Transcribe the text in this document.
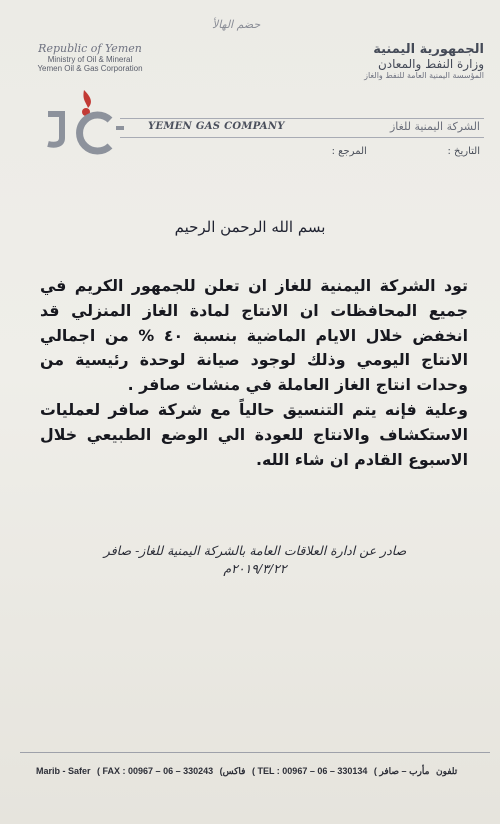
حضم الهالأ
Republic of Yemen
Ministry of Oil & Mineral
Yemen Oil & Gas Corporation
الجمهورية اليمنية
وزارة النفط والمعادن
المؤسسة اليمنية العامة للنفط والغاز
YEMEN GAS COMPANY	الشركة اليمنية للغاز
التاريخ : المرجع :
بسم الله الرحمن الرحيم

تود الشركة اليمنية للغاز ان تعلن للجمهور الكريم في جميع المحافظات ان الانتاج لمادة الغاز المنزلي قد انخفض خلال الايام الماضية بنسبة ٤٠ % من اجمالي الانتاج اليومي وذلك لوجود صيانة لوحدة رئيسية من وحدات انتاج الغاز العاملة في منشات صافر .

وعلية فإنه يتم التنسيق حالياً مع شركة صافر لعمليات الاستكشاف والانتاج للعودة الي الوضع الطبيعي خلال الاسبوع القادم ان شاء الله.

صادر عن ادارة العلاقات العامة بالشركة اليمنية للغاز- صافر
٢٠١٩/٣/٢٢م
Marib - Safer ( FAX : 00967 – 06 – 330243 (فاكس ( TEL : 00967 – 06 – 330134 ( تلفون مأرب – صافر
